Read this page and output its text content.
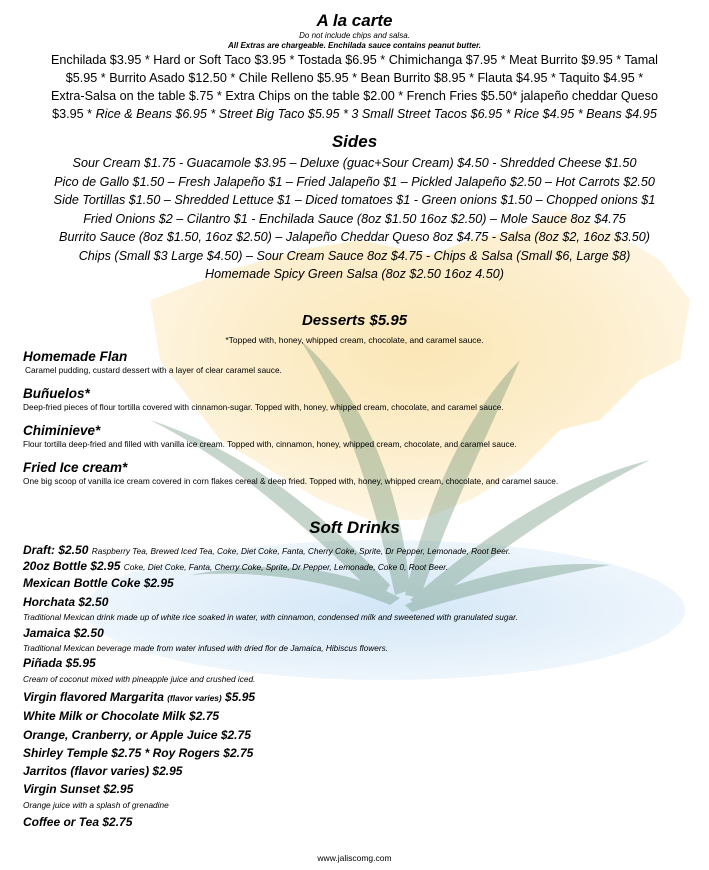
A la carte
Do not include chips and salsa.
All Extras are chargeable. Enchilada sauce contains peanut butter.
Enchilada $3.95 * Hard or Soft Taco $3.95 * Tostada $6.95 * Chimichanga $7.95 * Meat Burrito $9.95 * Tamal
$5.95 * Burrito Asado $12.50 * Chile Relleno $5.95 * Bean Burrito $8.95 * Flauta $4.95 * Taquito $4.95 *
Extra-Salsa on the table $.75 * Extra Chips on the table $2.00 * French Fries $5.50* jalapeño cheddar Queso
$3.95 * Rice & Beans $6.95 * Street Big Taco $5.95 * 3 Small Street Tacos $6.95 * Rice $4.95 * Beans $4.95
Sides
Sour Cream $1.75 - Guacamole $3.95 – Deluxe (guac+Sour Cream) $4.50 - Shredded Cheese $1.50
Pico de Gallo $1.50 – Fresh Jalapeño $1 – Fried Jalapeño $1 – Pickled Jalapeño $2.50 – Hot Carrots $2.50
Side Tortillas $1.50 – Shredded Lettuce $1 – Diced tomatoes $1 - Green onions $1.50 – Chopped onions $1
Fried Onions $2 – Cilantro $1 - Enchilada Sauce (8oz $1.50 16oz $2.50) – Mole Sauce 8oz $4.75
Burrito Sauce (8oz $1.50, 16oz $2.50) – Jalapeño Cheddar Queso 8oz $4.75 - Salsa (8oz $2, 16oz $3.50)
Chips (Small $3 Large $4.50) – Sour Cream Sauce 8oz $4.75 - Chips & Salsa (Small $6, Large $8)
Homemade Spicy Green Salsa (8oz $2.50 16oz 4.50)
Desserts $5.95
*Topped with, honey, whipped cream, chocolate, and caramel sauce.
Homemade Flan
Caramel pudding, custard dessert with a layer of clear caramel sauce.
Buñuelos*
Deep-fried pieces of flour tortilla covered with cinnamon-sugar. Topped with, honey, whipped cream, chocolate, and caramel sauce.
Chiminieve*
Flour tortilla deep-fried and filled with vanilla ice cream. Topped with, cinnamon, honey, whipped cream, chocolate, and caramel sauce.
Fried Ice cream*
One big scoop of vanilla ice cream covered in corn flakes cereal & deep fried. Topped with, honey, whipped cream, chocolate, and caramel sauce.
Soft Drinks
Draft: $2.50 Raspberry Tea, Brewed Iced Tea, Coke, Diet Coke, Fanta, Cherry Coke, Sprite, Dr Pepper, Lemonade, Root Beer.
20oz Bottle $2.95 Coke, Diet Coke, Fanta, Cherry Coke, Sprite, Dr Pepper, Lemonade, Coke 0, Root Beer.
Mexican Bottle Coke $2.95
Horchata $2.50
Traditional Mexican drink made up of white rice soaked in water, with cinnamon, condensed milk and sweetened with granulated sugar.
Jamaica $2.50
Traditional Mexican beverage made from water infused with dried flor de Jamaica, Hibiscus flowers.
Piñada $5.95
Cream of coconut mixed with pineapple juice and crushed iced.
Virgin flavored Margarita (flavor varies) $5.95
White Milk or Chocolate Milk $2.75
Orange, Cranberry, or Apple Juice $2.75
Shirley Temple $2.75 * Roy Rogers $2.75
Jarritos (flavor varies) $2.95
Virgin Sunset $2.95
Orange juice with a splash of grenadine
Coffee or Tea $2.75
www.jaliscomg.com
